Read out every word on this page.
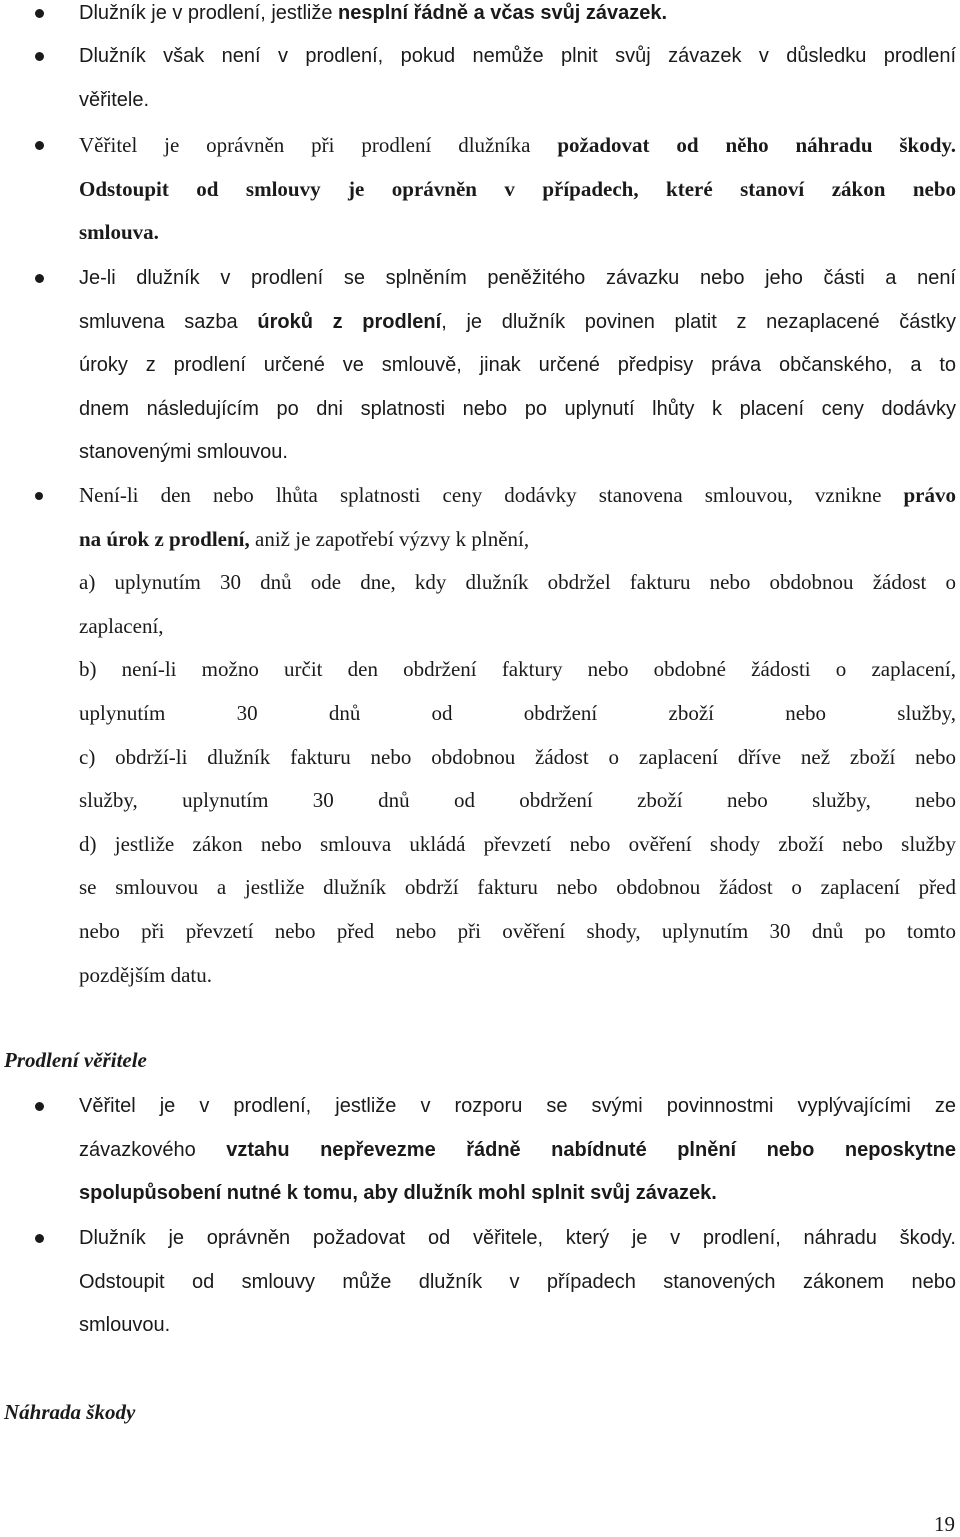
Dlužník je v prodlení, jestliže nesplní řádně a včas svůj závazek.
Dlužník však není v prodlení, pokud nemůže plnit svůj závazek v důsledku prodlení
věřitele.
Věřitel je oprávněn při prodlení dlužníka požadovat od něho náhradu škody.
Odstoupit od smlouvy je oprávněn v případech, které stanoví zákon nebo
smlouva.
Je-li dlužník v prodlení se splněním peněžitého závazku nebo jeho části a není
smluvena sazba úroků z prodlení, je dlužník povinen platit z nezaplacené částky
úroky z prodlení určené ve smlouvě, jinak určené předpisy práva občanského, a to
dnem následujícím po dni splatnosti nebo po uplynutí lhůty k placení ceny dodávky
stanovenými smlouvou.
Není-li den nebo lhůta splatnosti ceny dodávky stanovena smlouvou, vznikne právo
na úrok z prodlení, aniž je zapotřebí výzvy k plnění,
a) uplynutím 30 dnů ode dne, kdy dlužník obdržel fakturu nebo obdobnou žádost o
zaplacení,
b) není-li možno určit den obdržení faktury nebo obdobné žádosti o zaplacení,
uplynutím 30 dnů od obdržení zboží nebo služby,
c) obdrží-li dlužník fakturu nebo obdobnou žádost o zaplacení dříve než zboží nebo
služby, uplynutím 30 dnů od obdržení zboží nebo služby, nebo
d) jestliže zákon nebo smlouva ukládá převzetí nebo ověření shody zboží nebo služby
se smlouvou a jestliže dlužník obdrží fakturu nebo obdobnou žádost o zaplacení před
nebo při převzetí nebo před nebo při ověření shody, uplynutím 30 dnů po tomto
pozdějším datu.
Prodlení věřitele
Věřitel je v prodlení, jestliže v rozporu se svými povinnostmi vyplývajícími ze
závazkového vztahu nepřevezme řádně nabídnuté plnění nebo neposkytne
spolupůsobení nutné k tomu, aby dlužník mohl splnit svůj závazek.
Dlužník je oprávněn požadovat od věřitele, který je v prodlení, náhradu škody.
Odstoupit od smlouvy může dlužník v případech stanovených zákonem nebo
smlouvou.
Náhrada škody
19
